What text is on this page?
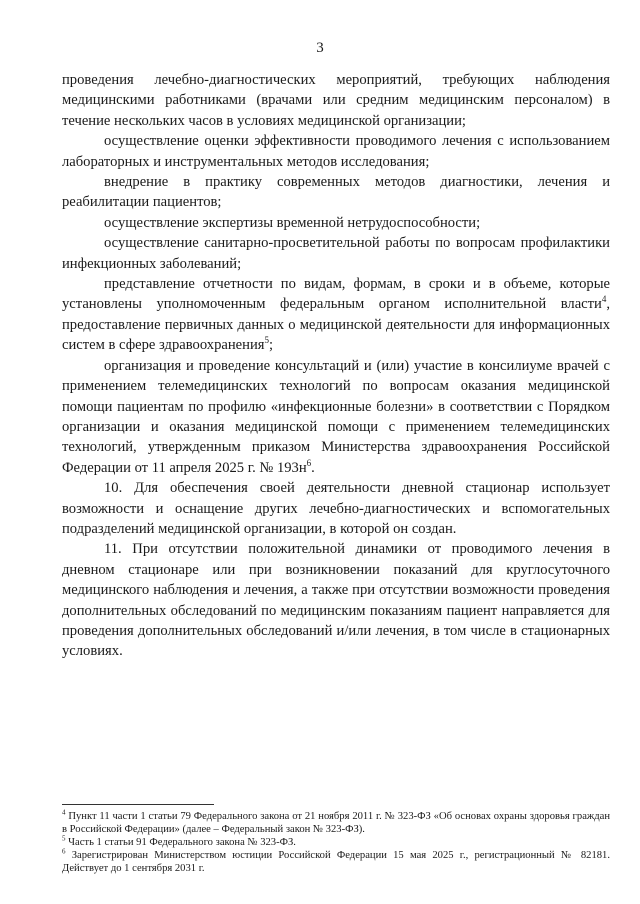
3

проведения лечебно-диагностических мероприятий, требующих наблюдения медицинскими работниками (врачами или средним медицинским персоналом) в течение нескольких часов в условиях медицинской организации;

осуществление оценки эффективности проводимого лечения с использованием лабораторных и инструментальных методов исследования;

внедрение в практику современных методов диагностики, лечения и реабилитации пациентов;

осуществление экспертизы временной нетрудоспособности;

осуществление санитарно-просветительной работы по вопросам профилактики инфекционных заболеваний;

представление отчетности по видам, формам, в сроки и в объеме, которые установлены уполномоченным федеральным органом исполнительной власти$^4$, предоставление первичных данных о медицинской деятельности для информационных систем в сфере здравоохранения$^5$;

организация и проведение консультаций и (или) участие в консилиуме врачей с применением телемедицинских технологий по вопросам оказания медицинской помощи пациентам по профилю «инфекционные болезни» в соответствии с Порядком организации и оказания медицинской помощи с применением телемедицинских технологий, утвержденным приказом Министерства здравоохранения Российской Федерации от 11 апреля 2025 г. № $193н^6$.

10. Для обеспечения своей деятельности дневной стационар использует возможности и оснащение других лечебно-диагностических и вспомогательных подразделений медицинской организации, в которой он создан.

11. При отсутствии положительной динамики от проводимого лечения в дневном стационаре или при возникновении показаний для круглосуточного медицинского наблюдения и лечения, а также при отсутствии возможности проведения дополнительных обследований по медицинским показаниям пациент направляется для проведения дополнительных обследований и/или лечения, в том числе в стационарных условиях.

$^4$ Пункт 11 части 1 статьи 79 Федерального закона от 21 ноября 2011 г. № 323-ФЗ «Об основах охраны здоровья граждан в Российской Федерации» (далее – Федеральный закон № 323-ФЗ).

$^5$ Часть 1 статьи 91 Федерального закона № 323-ФЗ.

$^6$ Зарегистрирован Министерством юстиции Российской Федерации 15 мая 2025 г., регистрационный № 82181. Действует до 1 сентября 2031 г.
